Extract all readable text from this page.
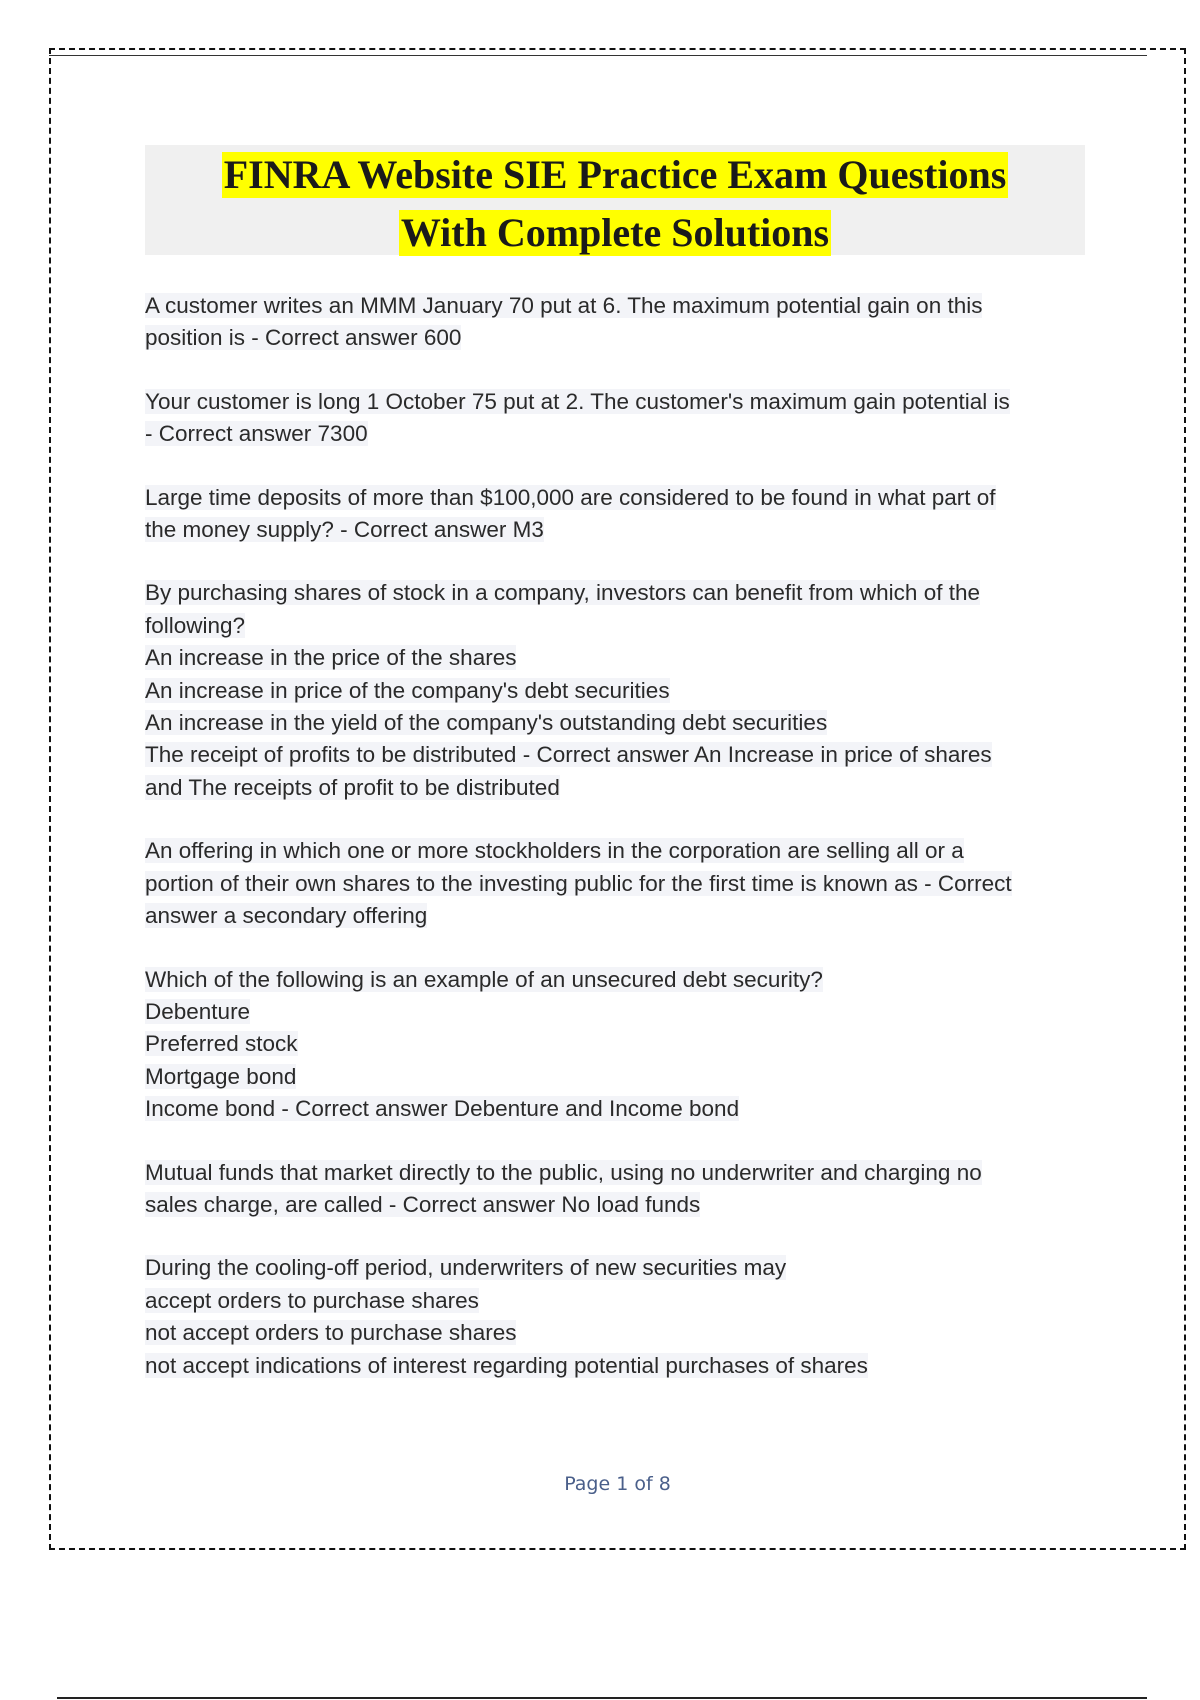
FINRA Website SIE Practice Exam Questions
With Complete Solutions

A customer writes an MMM January 70 put at 6. The maximum potential gain on this

position is - Correct answer 600

Your customer is long 1 October 75 put at 2. The customer's maximum gain potential is

- Correct answer 7300

Large time deposits of more than $100,000 are considered to be found in what part of

the money supply? - Correct answer M3

By purchasing shares of stock in a company, investors can benefit from which of the

following?

An increase in the price of the shares

An increase in price of the company's debt securities

An increase in the yield of the company's outstanding debt securities

The receipt of profits to be distributed - Correct answer An Increase in price of shares

and The receipts of profit to be distributed

An offering in which one or more stockholders in the corporation are selling all or a

portion of their own shares to the investing public for the first time is known as - Correct

answer a secondary offering

Which of the following is an example of an unsecured debt security?

Debenture

Preferred stock

Mortgage bond

Income bond - Correct answer Debenture and Income bond

Mutual funds that market directly to the public, using no underwriter and charging no

sales charge, are called - Correct answer No load funds

During the cooling-off period, underwriters of new securities may

accept orders to purchase shares

not accept orders to purchase shares

not accept indications of interest regarding potential purchases of shares

Page 1 of 8
